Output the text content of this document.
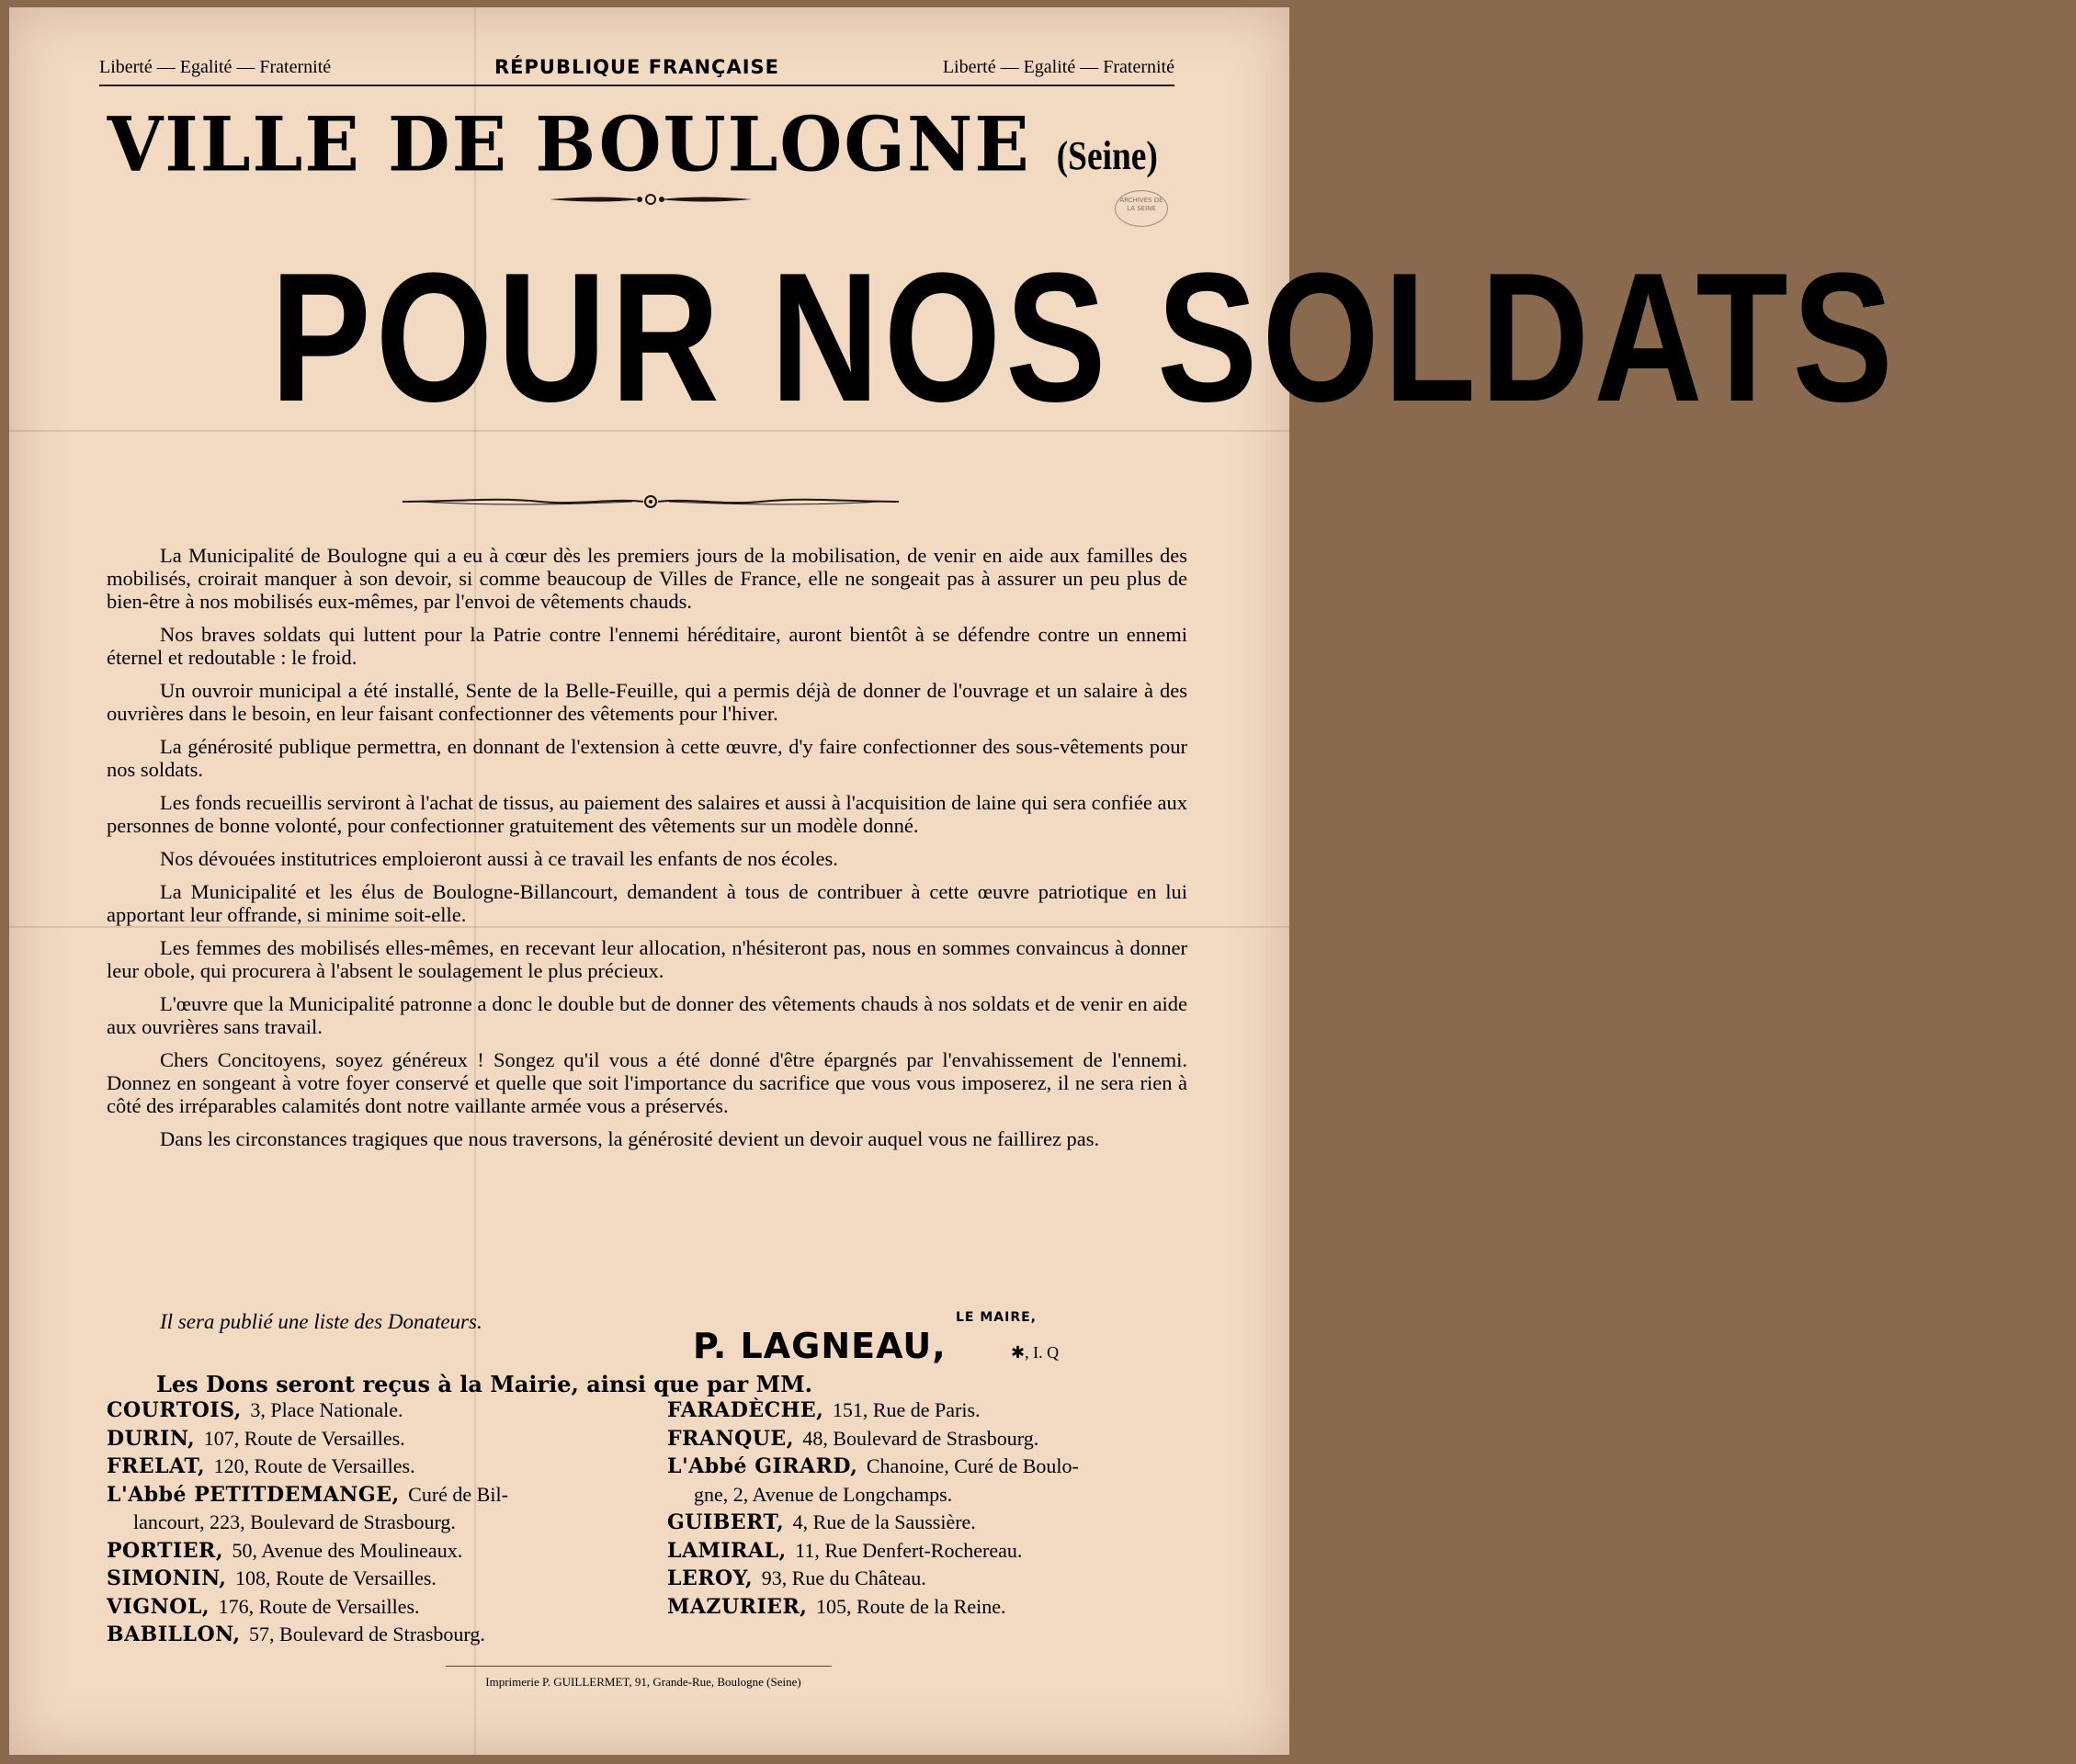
Liberté — Egalité — Fraternité	RÉPUBLIQUE FRANÇAISE	Liberté — Egalité — Fraternité
VILLE DE BOULOGNE (Seine)
ARCHIVES DE LA SEINE
POUR NOS SOLDATS

La Municipalité de Boulogne qui a eu à cœur dès les premiers jours de la mobilisation, de venir en aide aux familles des mobilisés, croirait manquer à son devoir, si comme beaucoup de Villes de France, elle ne songeait pas à assurer un peu plus de bien-être à nos mobilisés eux-mêmes, par l'envoi de vêtements chauds.

Nos braves soldats qui luttent pour la Patrie contre l'ennemi héréditaire, auront bientôt à se défendre contre un ennemi éternel et redoutable : le froid.

Un ouvroir municipal a été installé, Sente de la Belle-Feuille, qui a permis déjà de donner de l'ouvrage et un salaire à des ouvrières dans le besoin, en leur faisant confectionner des vêtements pour l'hiver.

La générosité publique permettra, en donnant de l'extension à cette œuvre, d'y faire confectionner des sous-vêtements pour nos soldats.

Les fonds recueillis serviront à l'achat de tissus, au paiement des salaires et aussi à l'acquisition de laine qui sera confiée aux personnes de bonne volonté, pour confectionner gratuitement des vêtements sur un modèle donné.

Nos dévouées institutrices emploieront aussi à ce travail les enfants de nos écoles.

La Municipalité et les élus de Boulogne-Billancourt, demandent à tous de contribuer à cette œuvre patriotique en lui apportant leur offrande, si minime soit-elle.

Les femmes des mobilisés elles-mêmes, en recevant leur allocation, n'hésiteront pas, nous en sommes convaincus à donner leur obole, qui procurera à l'absent le soulagement le plus précieux.

L'œuvre que la Municipalité patronne a donc le double but de donner des vêtements chauds à nos soldats et de venir en aide aux ouvrières sans travail.

Chers Concitoyens, soyez généreux ! Songez qu'il vous a été donné d'être épargnés par l'envahissement de l'ennemi. Donnez en songeant à votre foyer conservé et quelle que soit l'importance du sacrifice que vous vous imposerez, il ne sera rien à côté des irréparables calamités dont notre vaillante armée vous a préservés.

Dans les circonstances tragiques que nous traversons, la générosité devient un devoir auquel vous ne faillirez pas.

Il sera publié une liste des Donateurs.	LE MAIRE,
P. LAGNEAU,	✱, I. Q
Les Dons seront reçus à la Mairie, ainsi que par MM.
COURTOIS, 3, Place Nationale.
DURIN, 107, Route de Versailles.
FRELAT, 120, Route de Versailles.
L'Abbé PETITDEMANGE, Curé de Bil-
lancourt, 223, Boulevard de Strasbourg.
PORTIER, 50, Avenue des Moulineaux.
SIMONIN, 108, Route de Versailles.
VIGNOL, 176, Route de Versailles.
BABILLON, 57, Boulevard de Strasbourg.
FARADÈCHE, 151, Rue de Paris.
FRANQUE, 48, Boulevard de Strasbourg.
L'Abbé GIRARD, Chanoine, Curé de Boulo-
gne, 2, Avenue de Longchamps.
GUIBERT, 4, Rue de la Saussière.
LAMIRAL, 11, Rue Denfert-Rochereau.
LEROY, 93, Rue du Château.
MAZURIER, 105, Route de la Reine.
Imprimerie P. GUILLERMET, 91, Grande-Rue, Boulogne (Seine)
